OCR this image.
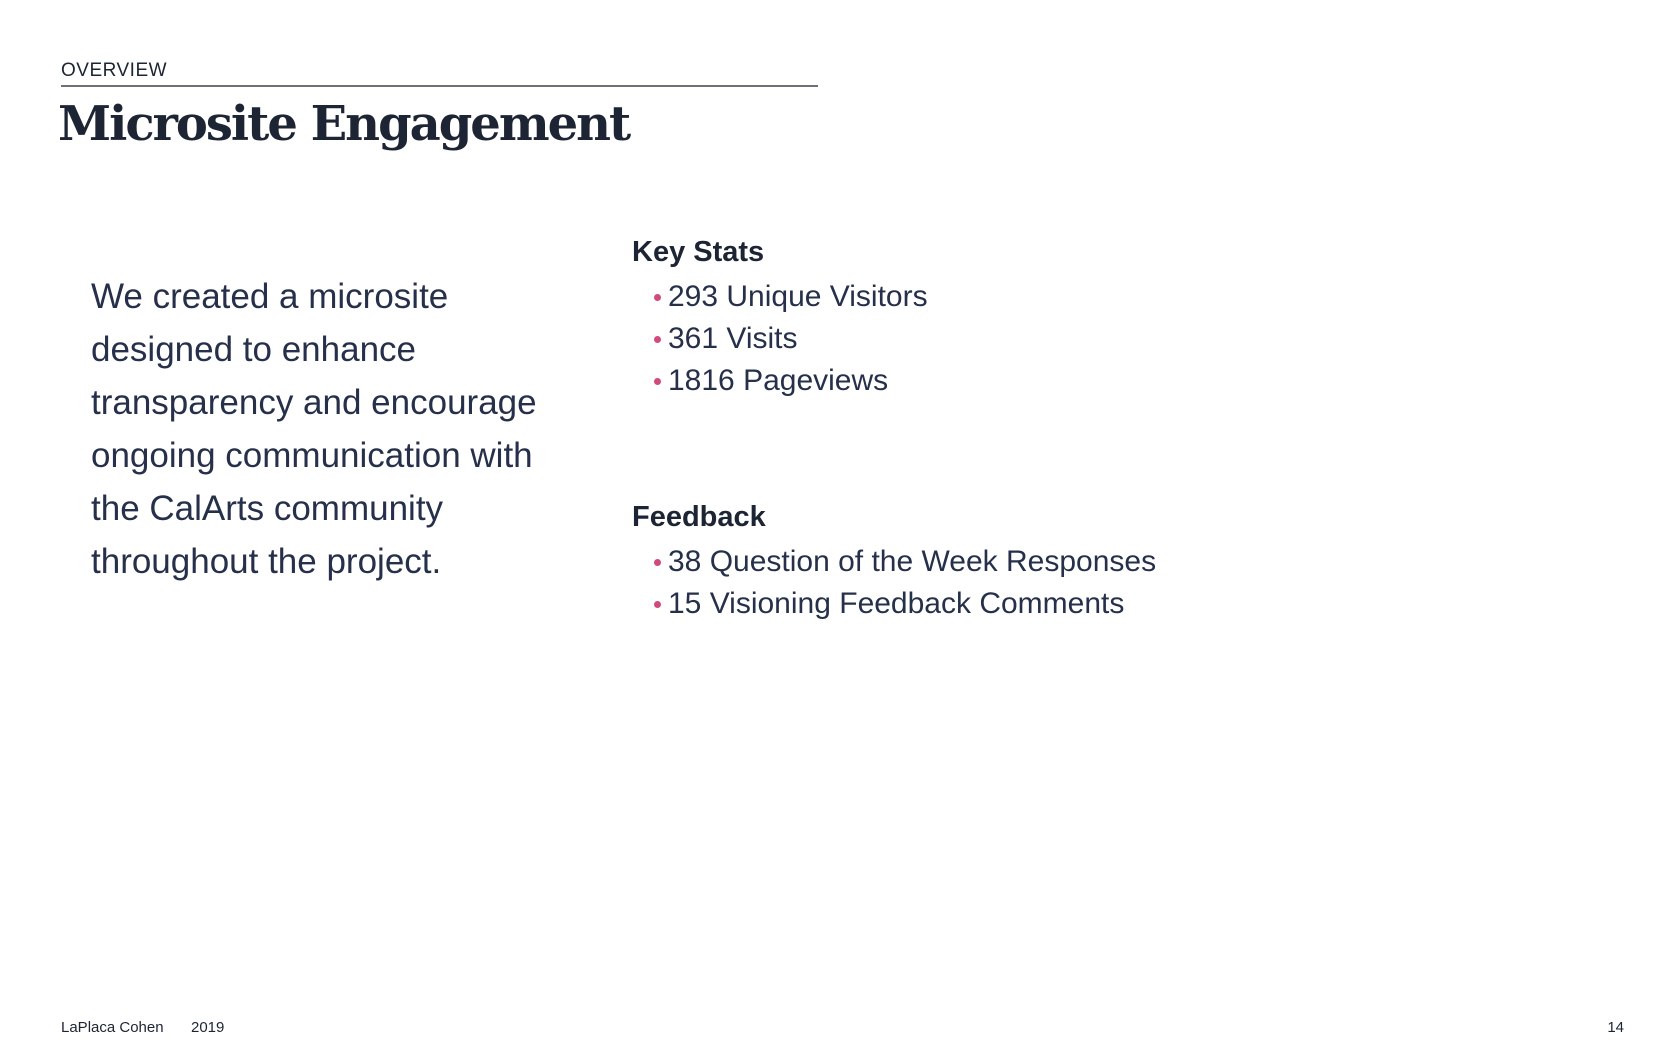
OVERVIEW
Microsite Engagement

We created a microsite designed to enhance transparency and encourage ongoing communication with the CalArts community throughout the project.

Key Stats
293 Unique Visitors
361 Visits
1816 Pageviews
Feedback
38 Question of the Week Responses
15 Visioning Feedback Comments
LaPlaca Cohen 2019	14
